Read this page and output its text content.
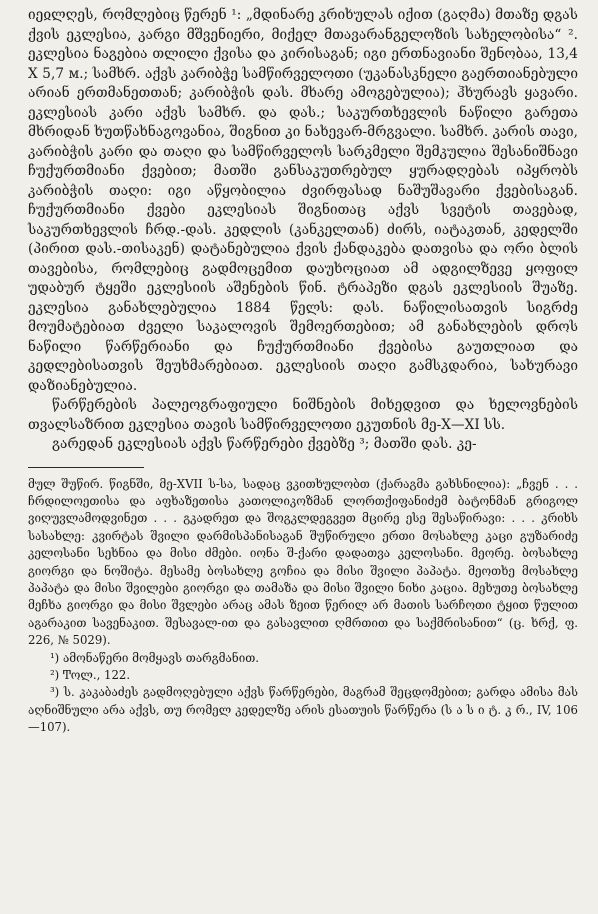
იეჲლღეს, რომლებიც წერენ ¹: „მდინარე კრიხულას იქით (გაღმა) მთაზე დგას ქვის ეკლესია, კარგი მშვენიერი, მიქელ მთავარანგელოზის სახელობისა“ ². ეკლესია ნაგებია თლილი ქვისა და კირისაგან; იგი ერთნავიანი შენობაა, 13,4 X 5,7 м.; სამხრ. აქვს კარიბჭე სამწირველოთი (უკანასკნელი გაერთიანებული არიან ერთმანეთთან; კარიბჭის დას. მხარე ამოგებულია); ჰხურავს ყავარი. ეკლესიას კარი აქვს სამხრ. და დას.; საკურთხევლის ნაწილი გარეთა მხრიდან ხუთწახნაგოვანია, შიგნით კი ნახევარ-მრგვალი. სამხრ. კარის თავი, კარიბჭის კარი და თაღი და სამწირველოს სარკმელი შემკულია შესანიშნავი ჩუქურთმიანი ქვებით; მათში განსაკუთრებულ ყურადღებას იპყრობს კარიბჭის თაღი: იგი აწყობილია ძვირფასად ნაშუშავარი ქვებისაგან. ჩუქურთმიანი ქვები ეკლესიას შიგნითაც აქვს სვეტის თავებად, საკურთხევლის ჩრდ.-დას. კედლის (კანკელთან) ძირს, იატაკთან, კედელში (პირით დას.-თისაკენ) დატანებულია ქვის ქანდაკება დათვისა და ორი ბლის თავებისა, რომლებიც გადმოცემით დაუხოციათ ამ ადგილზევე ყოფილ უდაბურ ტყეში ეკლესიის აშენების წინ. ტრაპეზი დგას ეკლესიის შუაზე. ეკლესია განახლებულია 1884 წელს: დას. ნაწილისათვის სიგრძე მოუმატებიათ ძველი საკალოვის შემოერთებით; ამ განახლების დროს ნაწილი წარწერიანი და ჩუქურთმიანი ქვებისა გაუთლიათ და კედლებისათვის შეუხმარებიათ. ეკლესიის თაღი გამსკდარია, სახურავი დაზიანებულია.

წარწერების პალეოგრაფიული ნიშნების მიხედვით და ხელოვნების თვალსაზრით ეკლესია თავის სამწირველოთი ეკუთნის მე-X—XI სს.

გარედან ეკლესიას აქვს წარწერები ქვებზე ³; მათში დას. კე-

მულ შუწირ. წიგნში, მე-XVII ს-სა, სადაც ვკითხულობთ (ქარაგმა გახსნილია): „ჩვენ . . . ჩრდილოეთისა და აფხაზეთისა კათოლიკოზმან ლორთქიფანიძემ ბატონმან გრიგოლ ვიღუვლამოდვინეთ . . . გკადრეთ და შოგკლდეგვეთ მცირე ესე შესაწირავი: . . . კრიხს სასახლე: კვირტას შვილი დარმისპანისაგან შუწირული ერთი მოსახლე კაცი გუზარიძე კელოსანი სეხნია და მისი ძმები. იონა შ-ქარი დადათვა კელოსანი. მეორე. ბოსახლე გიორგი და ნოშიტა. მესამე ბოსახლე გოჩია და მისი შვილი პაპატა. მეოთხე მოსახლე პაპატა და მისი შვილები გიორგი და თამაზა და მისი შვილი ნიხი კაცია. მეხუთე ბოსახლე მეჩხა გიორგი და მისი შვლები არაც ამას ზეით წერილ არ მათის სარჩოთი ტყით წულით აგარაკით სავენაკით. შესავალ-ით და გასავლით ღმრთით და საქმრისანით“ (ც. ხრქ, ფ. 226, № 5029).

¹) ამონაწერი მომყავს თარგმანით.

²) Ͳოლ., 122.

³) ს. კაკაბაძეს გადმოღებული აქვს წარწერები, მაგრამ შეცდომებით; გარდა ამისა მას აღნიშნული არა აქვს, თუ რომელ კედელზე არის ესათუის წარწერა (ს ა ს ი ტ. კ რ., IV, 106—107).
